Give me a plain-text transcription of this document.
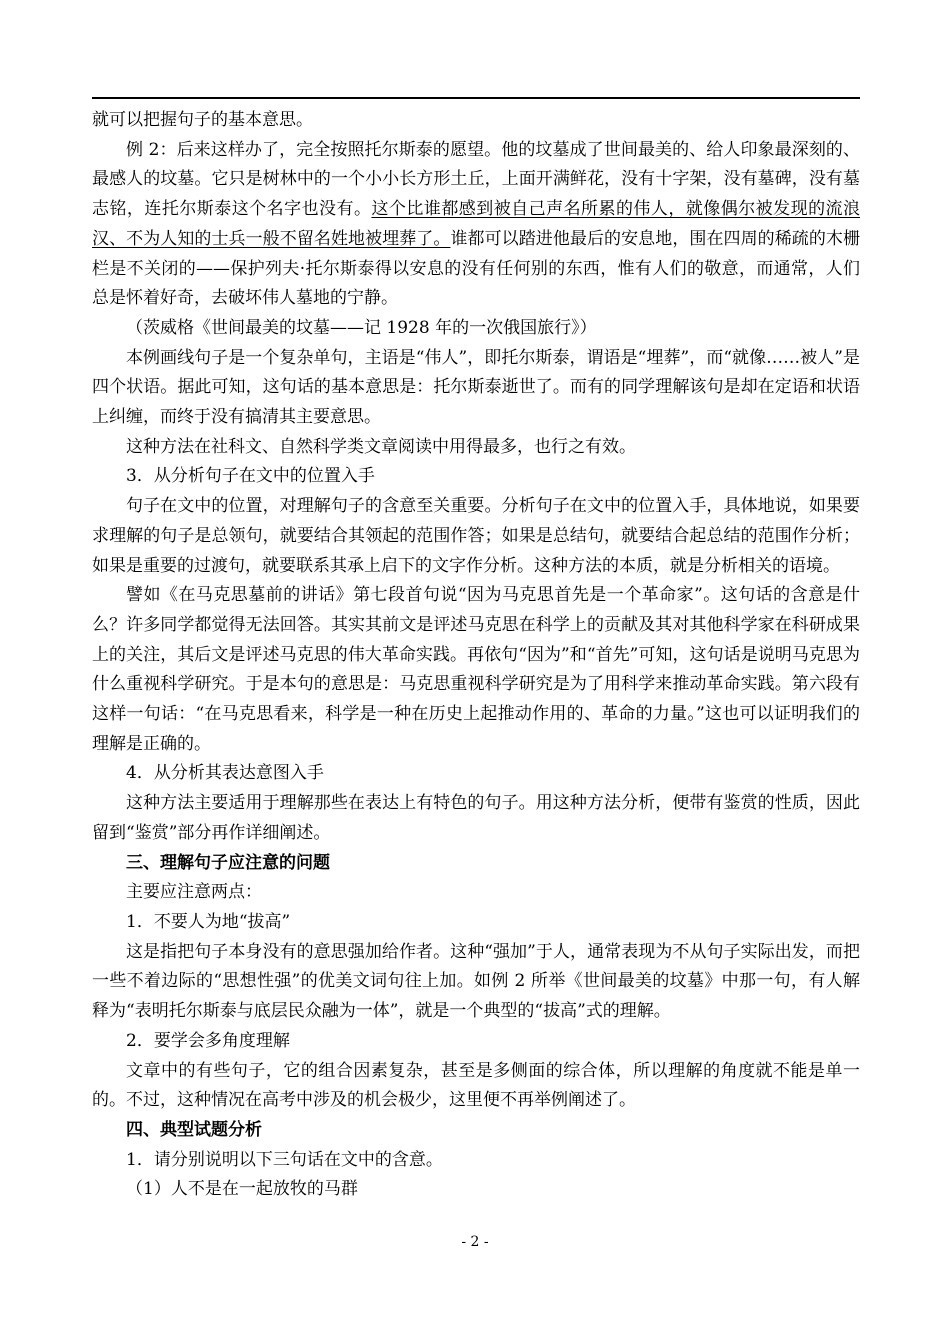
就可以把握句子的基本意思。

例 2：后来这样办了，完全按照托尔斯泰的愿望。他的坟墓成了世间最美的、给人印象最深刻的、最感人的坟墓。它只是树林中的一个小小长方形土丘，上面开满鲜花，没有十字架，没有墓碑，没有墓志铭，连托尔斯泰这个名字也没有。这个比谁都感到被自己声名所累的伟人，就像偶尔被发现的流浪汉、不为人知的士兵一般不留名姓地被埋葬了。谁都可以踏进他最后的安息地，围在四周的稀疏的木栅栏是不关闭的——保护列夫·托尔斯泰得以安息的没有任何别的东西，惟有人们的敬意，而通常，人们总是怀着好奇，去破坏伟人墓地的宁静。

（茨威格《世间最美的坟墓——记 1928 年的一次俄国旅行》）

本例画线句子是一个复杂单句，主语是“伟人”，即托尔斯泰，谓语是“埋葬”，而“就像……被人”是四个状语。据此可知，这句话的基本意思是：托尔斯泰逝世了。而有的同学理解该句是却在定语和状语上纠缠，而终于没有搞清其主要意思。

这种方法在社科文、自然科学类文章阅读中用得最多，也行之有效。

3．从分析句子在文中的位置入手

句子在文中的位置，对理解句子的含意至关重要。分析句子在文中的位置入手，具体地说，如果要求理解的句子是总领句，就要结合其领起的范围作答；如果是总结句，就要结合起总结的范围作分析；如果是重要的过渡句，就要联系其承上启下的文字作分析。这种方法的本质，就是分析相关的语境。

譬如《在马克思墓前的讲话》第七段首句说“因为马克思首先是一个革命家”。这句话的含意是什么？许多同学都觉得无法回答。其实其前文是评述马克思在科学上的贡献及其对其他科学家在科研成果上的关注，其后文是评述马克思的伟大革命实践。再依句“因为”和“首先”可知，这句话是说明马克思为什么重视科学研究。于是本句的意思是：马克思重视科学研究是为了用科学来推动革命实践。第六段有这样一句话：“在马克思看来，科学是一种在历史上起推动作用的、革命的力量。”这也可以证明我们的理解是正确的。

4．从分析其表达意图入手

这种方法主要适用于理解那些在表达上有特色的句子。用这种方法分析，便带有鉴赏的性质，因此留到“鉴赏”部分再作详细阐述。

三、理解句子应注意的问题

主要应注意两点：

1．不要人为地“拔高”

这是指把句子本身没有的意思强加给作者。这种“强加”于人，通常表现为不从句子实际出发，而把一些不着边际的“思想性强”的优美文词句往上加。如例 2 所举《世间最美的坟墓》中那一句，有人解释为“表明托尔斯泰与底层民众融为一体”，就是一个典型的“拔高”式的理解。

2．要学会多角度理解

文章中的有些句子，它的组合因素复杂，甚至是多侧面的综合体，所以理解的角度就不能是单一的。不过，这种情况在高考中涉及的机会极少，这里便不再举例阐述了。

四、典型试题分析

1．请分别说明以下三句话在文中的含意。

（1）人不是在一起放牧的马群

- 2 -
